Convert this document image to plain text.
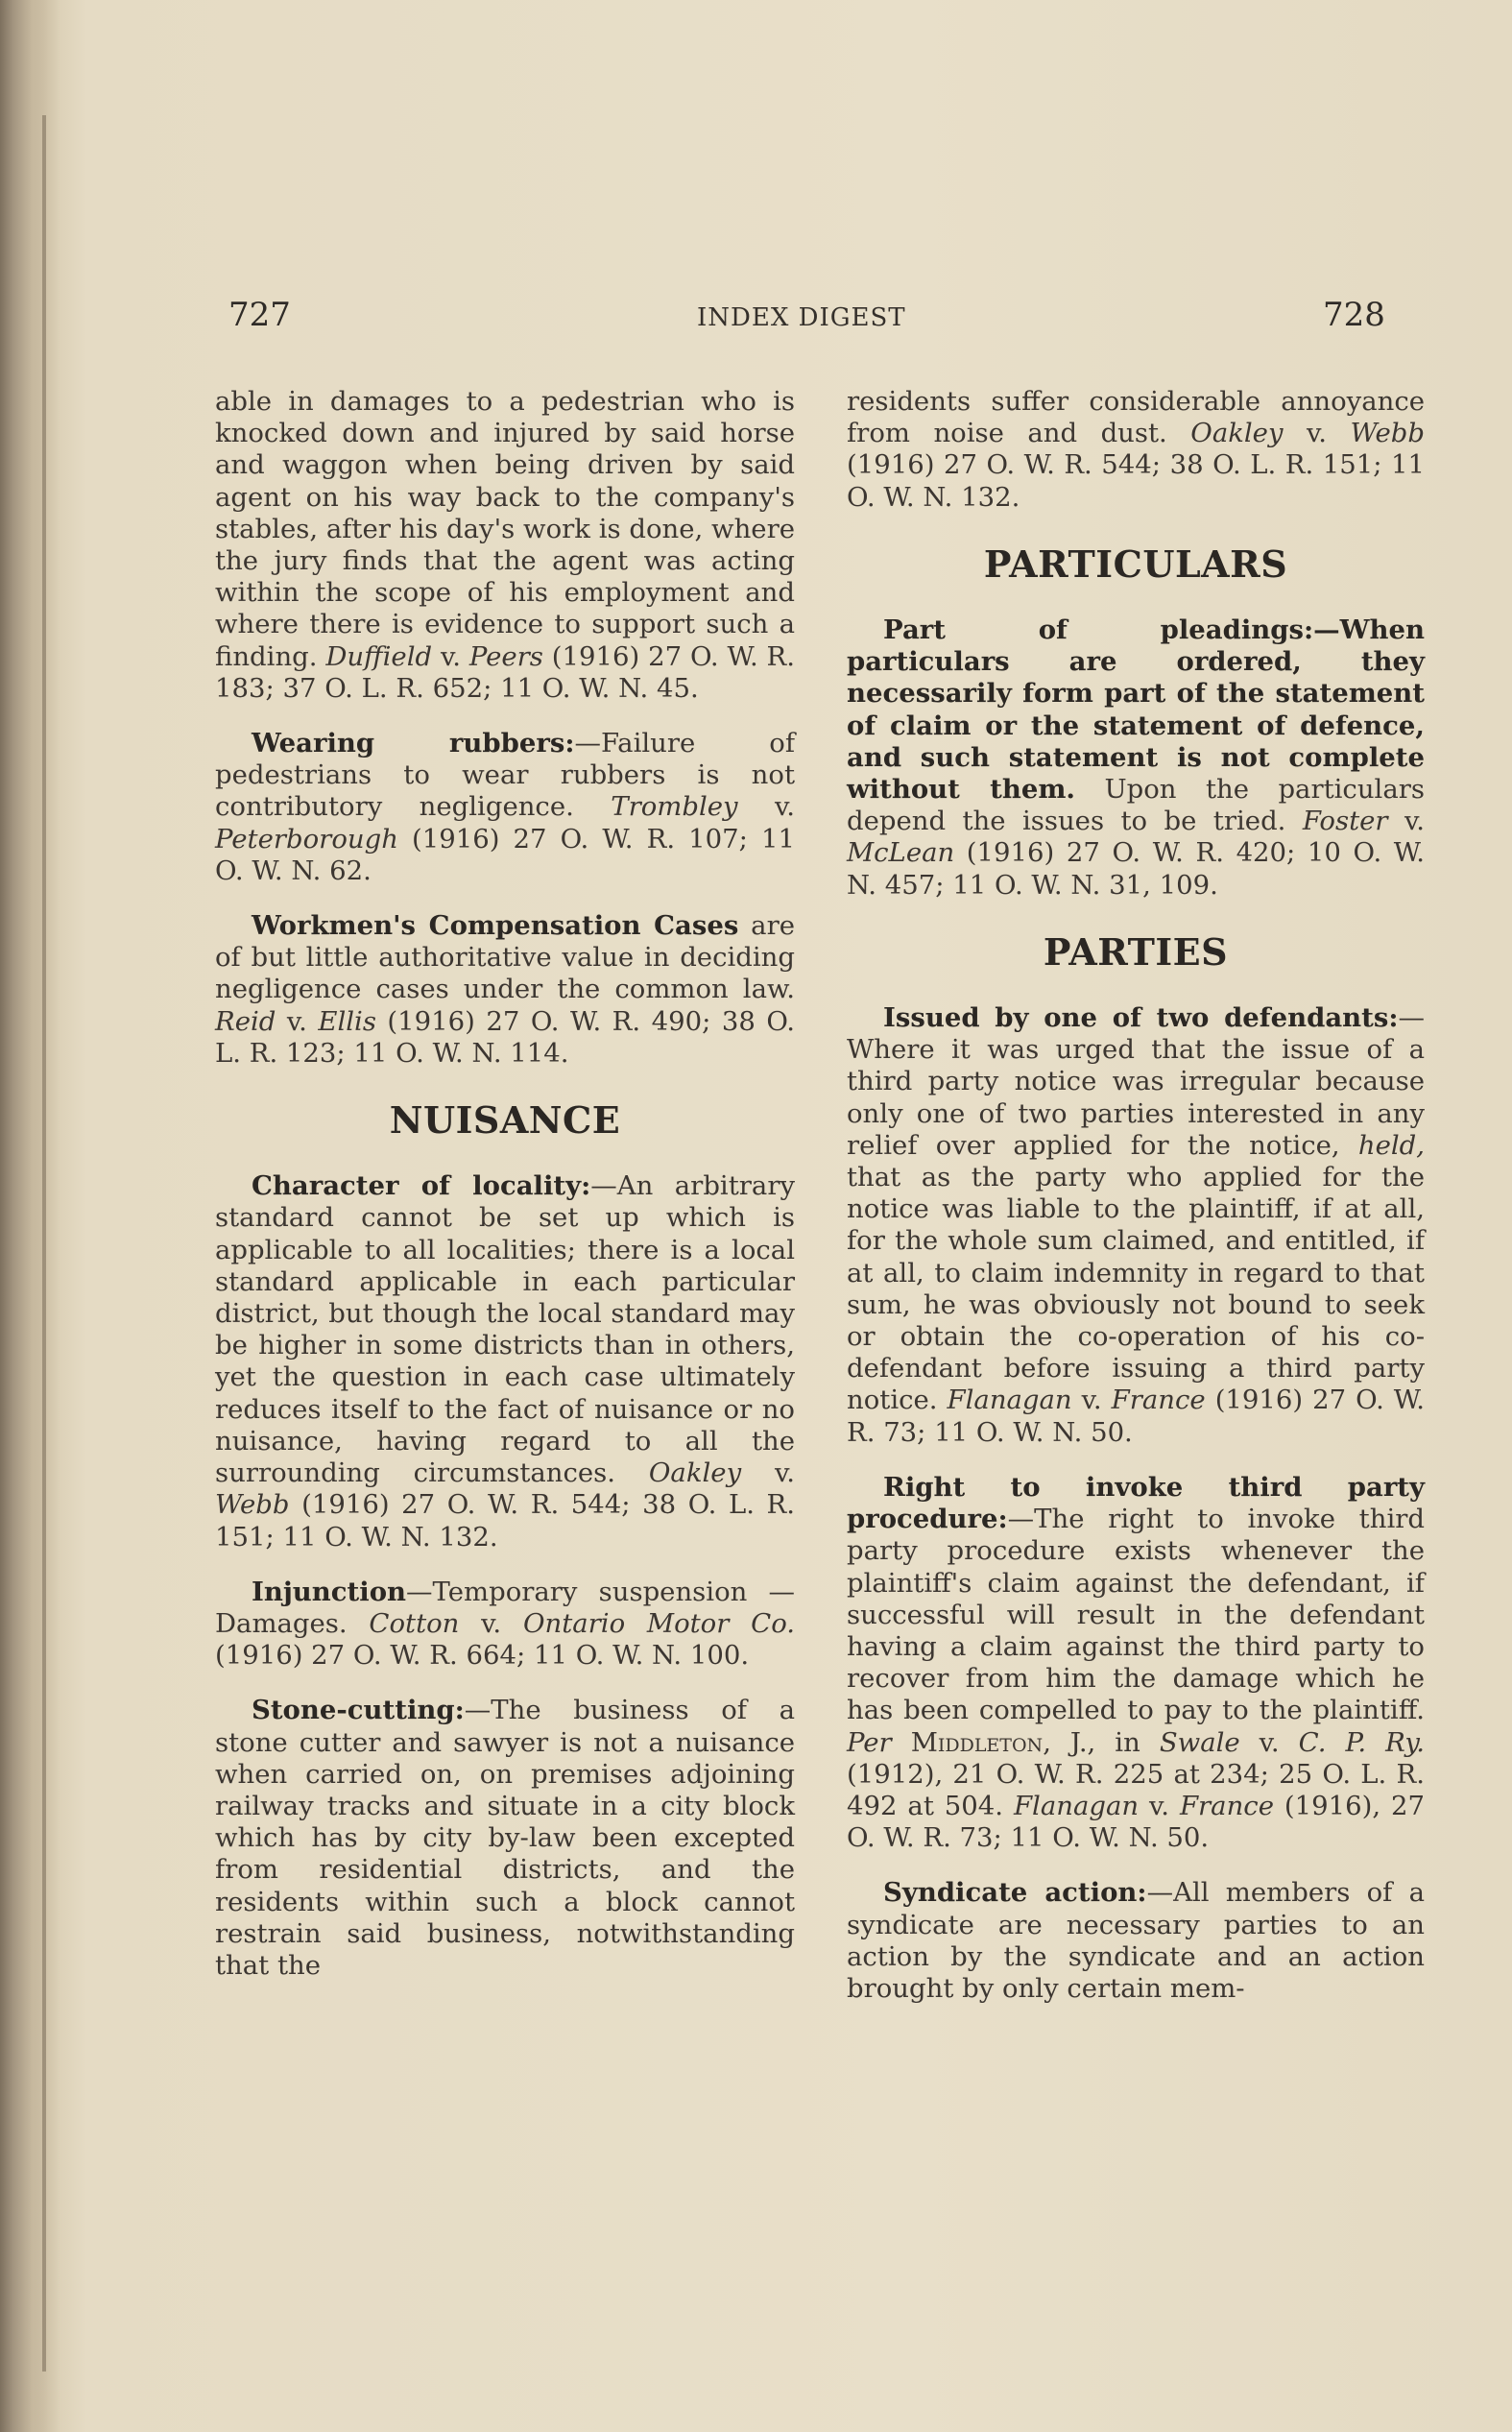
727	INDEX DIGEST	728

able in damages to a pedestrian who is knocked down and injured by said horse and waggon when being driven by said agent on his way back to the company's stables, after his day's work is done, where the jury finds that the agent was acting within the scope of his employment and where there is evidence to support such a finding. Duffield v. Peers (1916) 27 O. W. R. 183; 37 O. L. R. 652; 11 O. W. N. 45.

Wearing rubbers:—Failure of pedestrians to wear rubbers is not contributory negligence. Trombley v. Peterborough (1916) 27 O. W. R. 107; 11 O. W. N. 62.

Workmen's Compensation Cases are of but little authoritative value in deciding negligence cases under the common law. Reid v. Ellis (1916) 27 O. W. R. 490; 38 O. L. R. 123; 11 O. W. N. 114.

NUISANCE

Character of locality:—An arbitrary standard cannot be set up which is applicable to all localities; there is a local standard applicable in each particular district, but though the local standard may be higher in some districts than in others, yet the question in each case ultimately reduces itself to the fact of nuisance or no nuisance, having regard to all the surrounding circumstances. Oakley v. Webb (1916) 27 O. W. R. 544; 38 O. L. R. 151; 11 O. W. N. 132.

Injunction—Temporary suspension —Damages. Cotton v. Ontario Motor Co. (1916) 27 O. W. R. 664; 11 O. W. N. 100.

Stone-cutting:—The business of a stone cutter and sawyer is not a nuisance when carried on, on premises adjoining railway tracks and situate in a city block which has by city by-law been excepted from residential districts, and the residents within such a block cannot restrain said business, notwithstanding that the

residents suffer considerable annoyance from noise and dust. Oakley v. Webb (1916) 27 O. W. R. 544; 38 O. L. R. 151; 11 O. W. N. 132.

PARTICULARS

Part of pleadings:—When particulars are ordered, they necessarily form part of the statement of claim or the statement of defence, and such statement is not complete without them. Upon the particulars depend the issues to be tried. Foster v. McLean (1916) 27 O. W. R. 420; 10 O. W. N. 457; 11 O. W. N. 31, 109.

PARTIES

Issued by one of two defendants:—Where it was urged that the issue of a third party notice was irregular because only one of two parties interested in any relief over applied for the notice, held, that as the party who applied for the notice was liable to the plaintiff, if at all, for the whole sum claimed, and entitled, if at all, to claim indemnity in regard to that sum, he was obviously not bound to seek or obtain the co-operation of his co-defendant before issuing a third party notice. Flanagan v. France (1916) 27 O. W. R. 73; 11 O. W. N. 50.

Right to invoke third party procedure:—The right to invoke third party procedure exists whenever the plaintiff's claim against the defendant, if successful will result in the defendant having a claim against the third party to recover from him the damage which he has been compelled to pay to the plaintiff. Per Middleton, J., in Swale v. C. P. Ry. (1912), 21 O. W. R. 225 at 234; 25 O. L. R. 492 at 504. Flanagan v. France (1916), 27 O. W. R. 73; 11 O. W. N. 50.

Syndicate action:—All members of a syndicate are necessary parties to an action by the syndicate and an action brought by only certain mem-
